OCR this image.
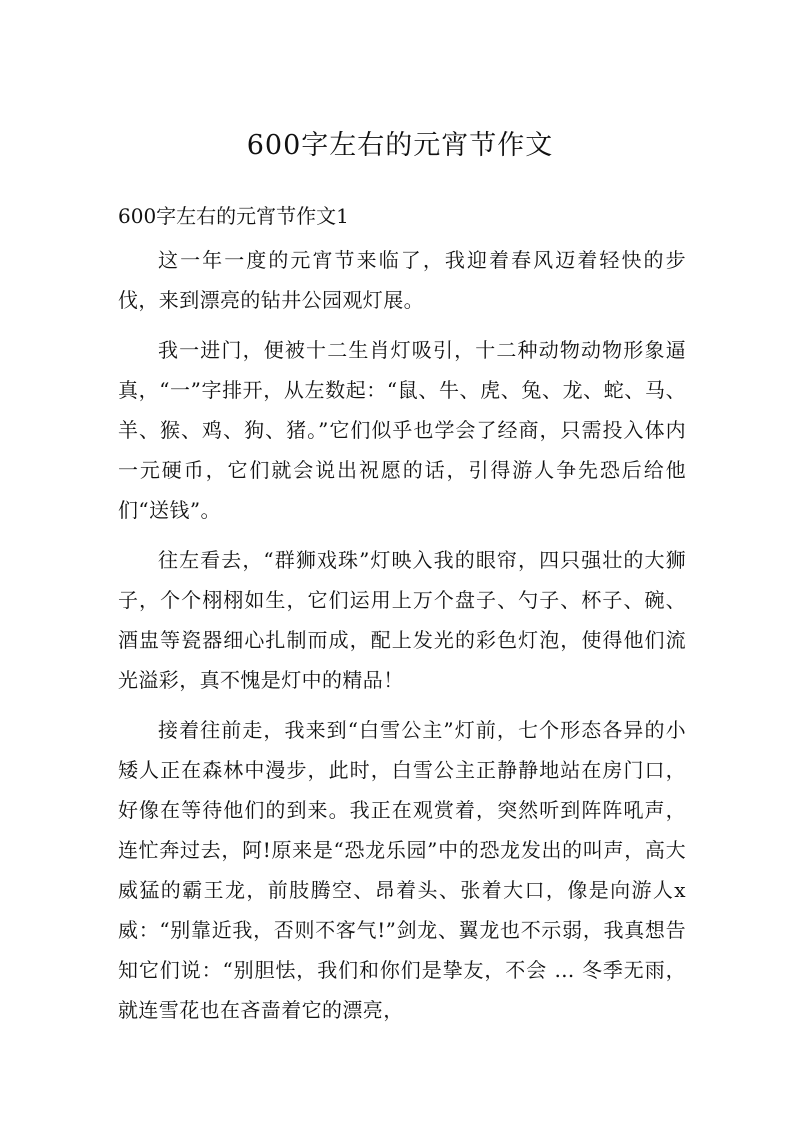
600字左右的元宵节作文

600字左右的元宵节作文1

这一年一度的元宵节来临了，我迎着春风迈着轻快的步伐，来到漂亮的钻井公园观灯展。

我一进门，便被十二生肖灯吸引，十二种动物动物形象逼真，“一”字排开，从左数起：“鼠、牛、虎、兔、龙、蛇、马、羊、猴、鸡、狗、猪。”它们似乎也学会了经商，只需投入体内一元硬币，它们就会说出祝愿的话，引得游人争先恐后给他们“送钱”。

往左看去，“群狮戏珠”灯映入我的眼帘，四只强壮的大狮子，个个栩栩如生，它们运用上万个盘子、勺子、杯子、碗、酒盅等瓷器细心扎制而成，配上发光的彩色灯泡，使得他们流光溢彩，真不愧是灯中的精品！

接着往前走，我来到“白雪公主”灯前，七个形态各异的小矮人正在森林中漫步，此时，白雪公主正静静地站在房门口，好像在等待他们的到来。我正在观赏着，突然听到阵阵吼声，连忙奔过去，阿!原来是“恐龙乐园”中的恐龙发出的叫声，高大威猛的霸王龙，前肢腾空、昂着头、张着大口，像是向游人x威：“别靠近我，否则不客气!”剑龙、翼龙也不示弱，我真想告知它们说：“别胆怯，我们和你们是挚友，不会 … 冬季无雨，就连雪花也在吝啬着它的漂亮，
